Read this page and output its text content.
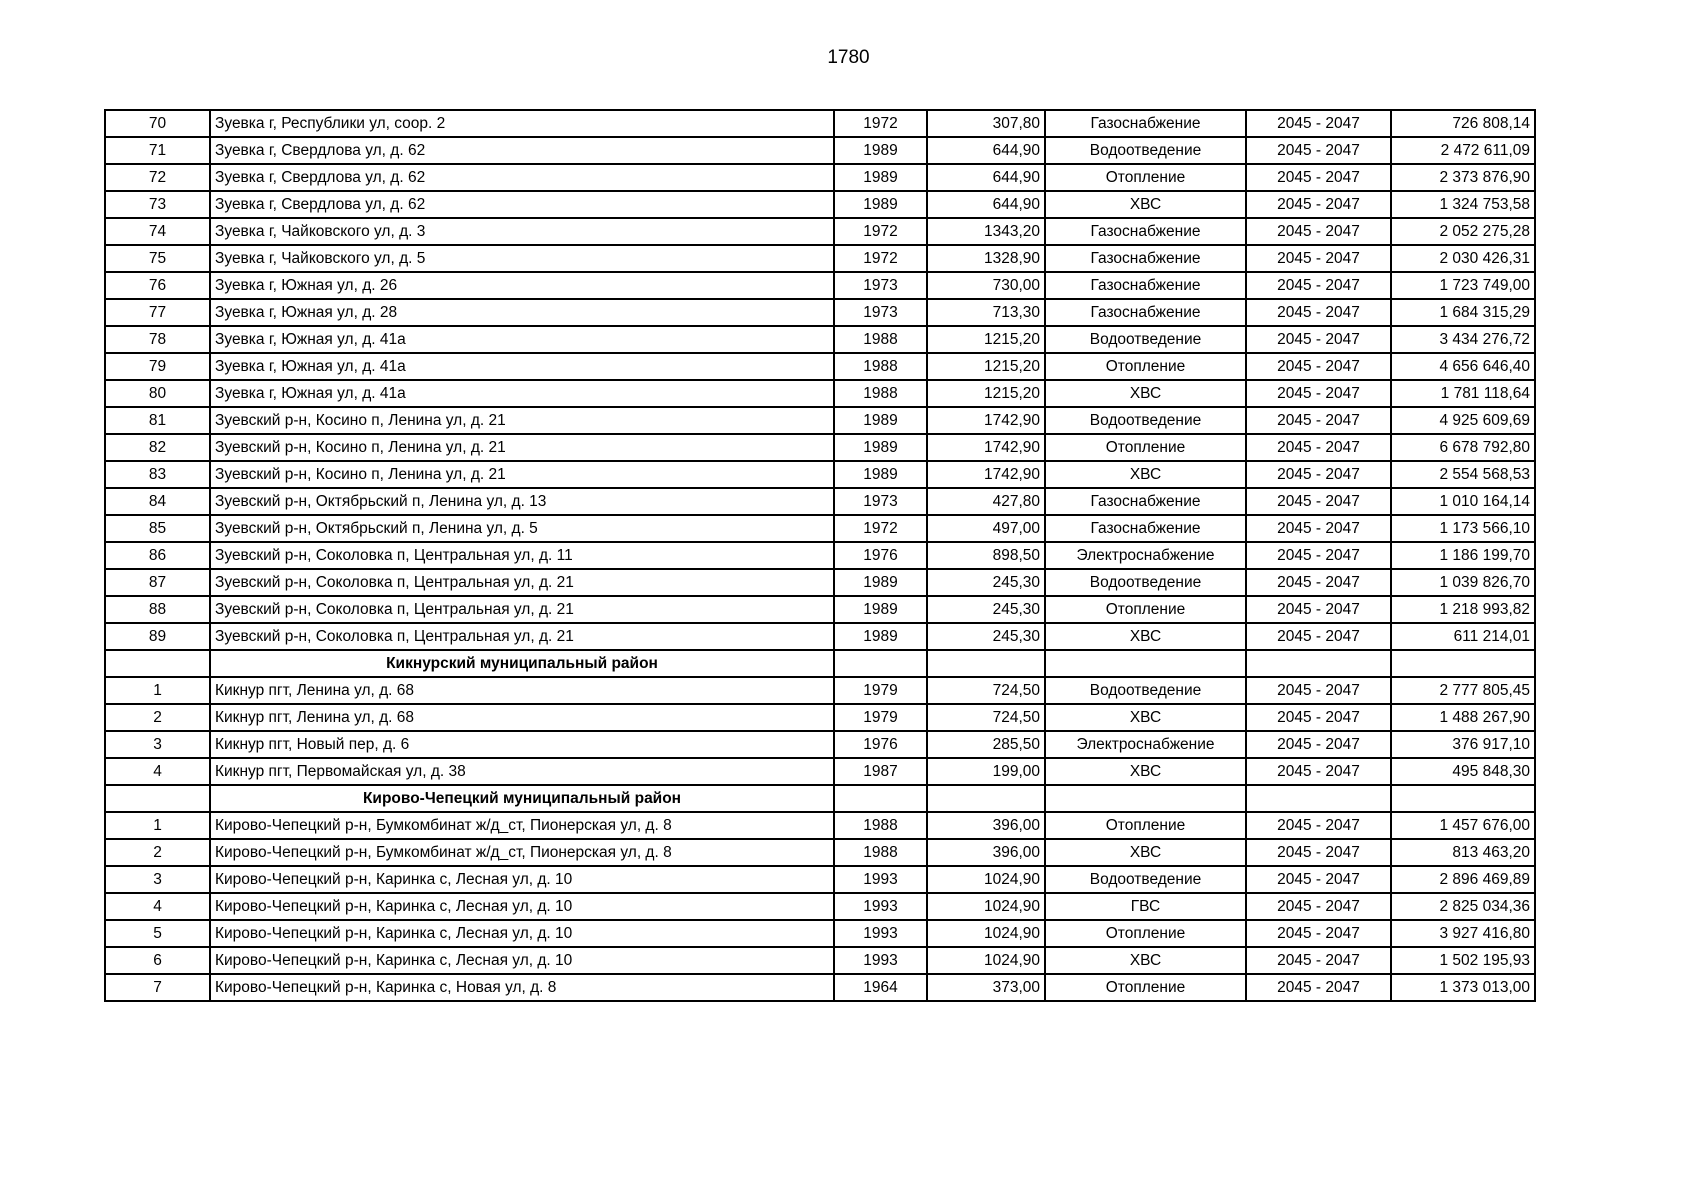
1780
70	Зуевка г, Республики ул, соор. 2	1972	307,80	Газоснабжение	2045 - 2047	726 808,14
71	Зуевка г, Свердлова ул, д. 62	1989	644,90	Водоотведение	2045 - 2047	2 472 611,09
72	Зуевка г, Свердлова ул, д. 62	1989	644,90	Отопление	2045 - 2047	2 373 876,90
73	Зуевка г, Свердлова ул, д. 62	1989	644,90	ХВС	2045 - 2047	1 324 753,58
74	Зуевка г, Чайковского ул, д. 3	1972	1343,20	Газоснабжение	2045 - 2047	2 052 275,28
75	Зуевка г, Чайковского ул, д. 5	1972	1328,90	Газоснабжение	2045 - 2047	2 030 426,31
76	Зуевка г, Южная ул, д. 26	1973	730,00	Газоснабжение	2045 - 2047	1 723 749,00
77	Зуевка г, Южная ул, д. 28	1973	713,30	Газоснабжение	2045 - 2047	1 684 315,29
78	Зуевка г, Южная ул, д. 41а	1988	1215,20	Водоотведение	2045 - 2047	3 434 276,72
79	Зуевка г, Южная ул, д. 41а	1988	1215,20	Отопление	2045 - 2047	4 656 646,40
80	Зуевка г, Южная ул, д. 41а	1988	1215,20	ХВС	2045 - 2047	1 781 118,64
81	Зуевский р-н, Косино п, Ленина ул, д. 21	1989	1742,90	Водоотведение	2045 - 2047	4 925 609,69
82	Зуевский р-н, Косино п, Ленина ул, д. 21	1989	1742,90	Отопление	2045 - 2047	6 678 792,80
83	Зуевский р-н, Косино п, Ленина ул, д. 21	1989	1742,90	ХВС	2045 - 2047	2 554 568,53
84	Зуевский р-н, Октябрьский п, Ленина ул, д. 13	1973	427,80	Газоснабжение	2045 - 2047	1 010 164,14
85	Зуевский р-н, Октябрьский п, Ленина ул, д. 5	1972	497,00	Газоснабжение	2045 - 2047	1 173 566,10
86	Зуевский р-н, Соколовка п, Центральная ул, д. 11	1976	898,50	Электроснабжение	2045 - 2047	1 186 199,70
87	Зуевский р-н, Соколовка п, Центральная ул, д. 21	1989	245,30	Водоотведение	2045 - 2047	1 039 826,70
88	Зуевский р-н, Соколовка п, Центральная ул, д. 21	1989	245,30	Отопление	2045 - 2047	1 218 993,82
89	Зуевский р-н, Соколовка п, Центральная ул, д. 21	1989	245,30	ХВС	2045 - 2047	611 214,01
	Кикнурский муниципальный район					
1	Кикнур пгт, Ленина ул, д. 68	1979	724,50	Водоотведение	2045 - 2047	2 777 805,45
2	Кикнур пгт, Ленина ул, д. 68	1979	724,50	ХВС	2045 - 2047	1 488 267,90
3	Кикнур пгт, Новый пер, д. 6	1976	285,50	Электроснабжение	2045 - 2047	376 917,10
4	Кикнур пгт, Первомайская ул, д. 38	1987	199,00	ХВС	2045 - 2047	495 848,30
	Кирово-Чепецкий муниципальный район					
1	Кирово-Чепецкий р-н, Бумкомбинат ж/д_ст, Пионерская ул, д. 8	1988	396,00	Отопление	2045 - 2047	1 457 676,00
2	Кирово-Чепецкий р-н, Бумкомбинат ж/д_ст, Пионерская ул, д. 8	1988	396,00	ХВС	2045 - 2047	813 463,20
3	Кирово-Чепецкий р-н, Каринка с, Лесная ул, д. 10	1993	1024,90	Водоотведение	2045 - 2047	2 896 469,89
4	Кирово-Чепецкий р-н, Каринка с, Лесная ул, д. 10	1993	1024,90	ГВС	2045 - 2047	2 825 034,36
5	Кирово-Чепецкий р-н, Каринка с, Лесная ул, д. 10	1993	1024,90	Отопление	2045 - 2047	3 927 416,80
6	Кирово-Чепецкий р-н, Каринка с, Лесная ул, д. 10	1993	1024,90	ХВС	2045 - 2047	1 502 195,93
7	Кирово-Чепецкий р-н, Каринка с, Новая ул, д. 8	1964	373,00	Отопление	2045 - 2047	1 373 013,00
